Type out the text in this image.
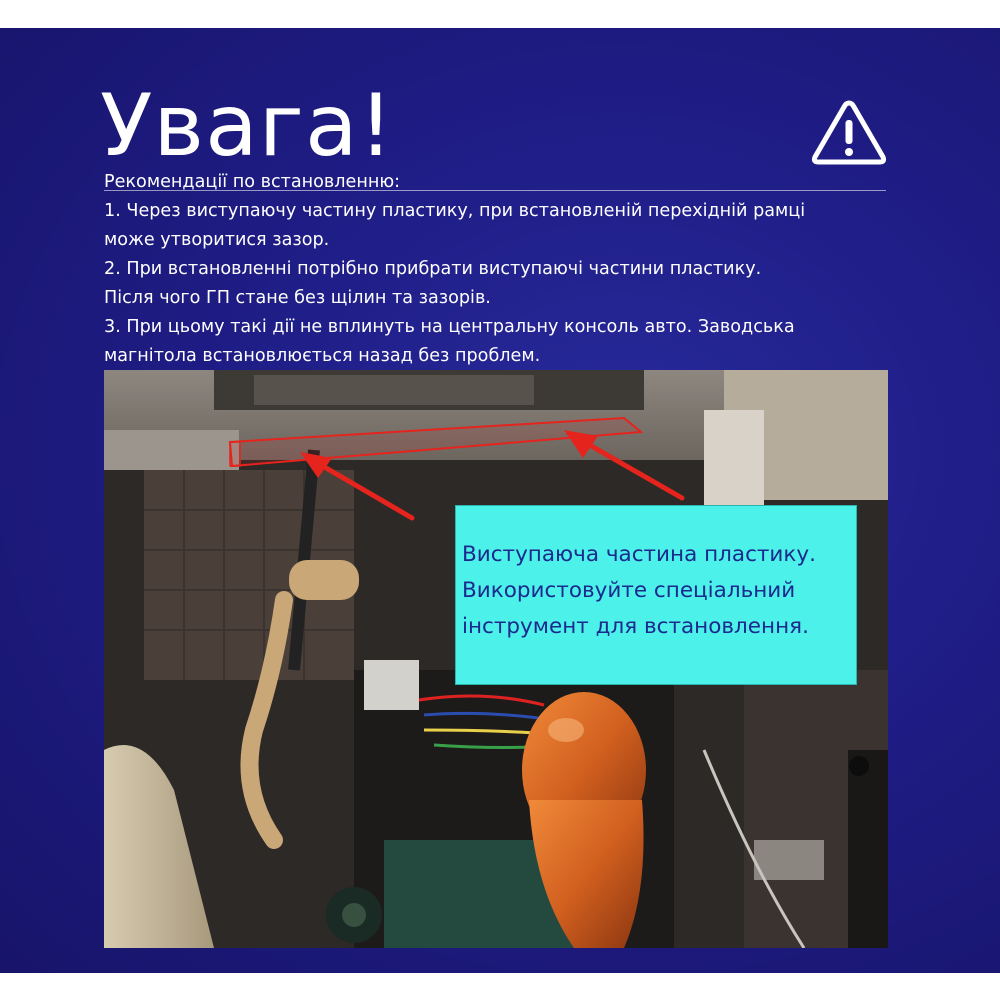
Увага!

Рекомендації по встановленню:

1. Через виступаючу частину пластику, при встановленій перехідній рамці

може утворитися зазор.

2. При встановленні потрібно прибрати виступаючі частини пластику.

Після чого ГП стане без щілин та зазорів.

3. При цьому такі дії не вплинуть на центральну консоль авто. Заводська

магнітола встановлюється назад без проблем.

Виступаюча частина пластику.

Використовуйте спеціальний

інструмент для встановлення.
